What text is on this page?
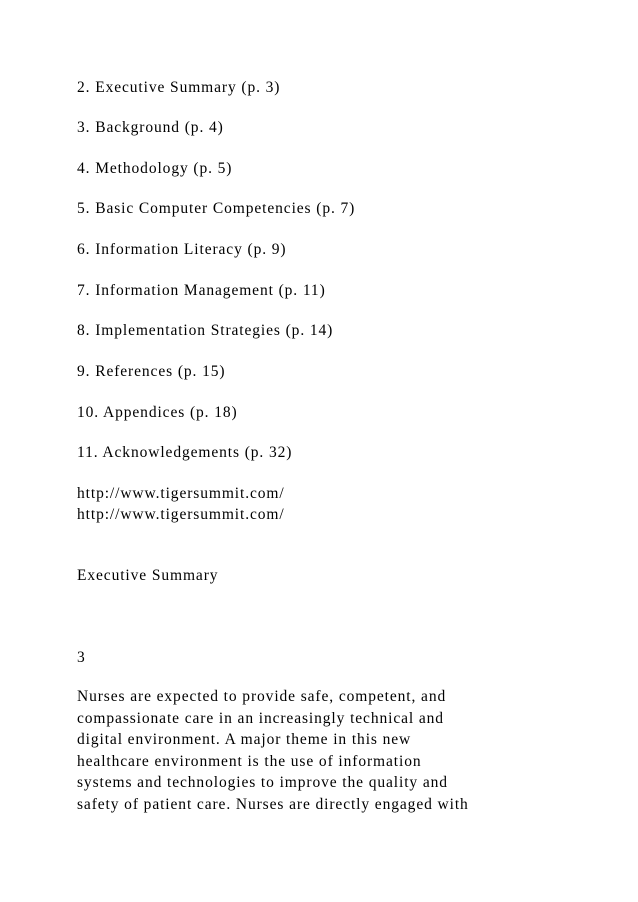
2. Executive Summary (p. 3)
3. Background (p. 4)
4. Methodology (p. 5)
5. Basic Computer Competencies (p. 7)
6. Information Literacy (p. 9)
7. Information Management (p. 11)
8. Implementation Strategies (p. 14)
9. References (p. 15)
10. Appendices (p. 18)
11. Acknowledgements (p. 32)
http://www.tigersummit.com/
http://www.tigersummit.com/
Executive Summary
3
Nurses are expected to provide safe, competent, and
compassionate care in an increasingly technical and
digital environment. A major theme in this new
healthcare environment is the use of information
systems and technologies to improve the quality and
safety of patient care. Nurses are directly engaged with
